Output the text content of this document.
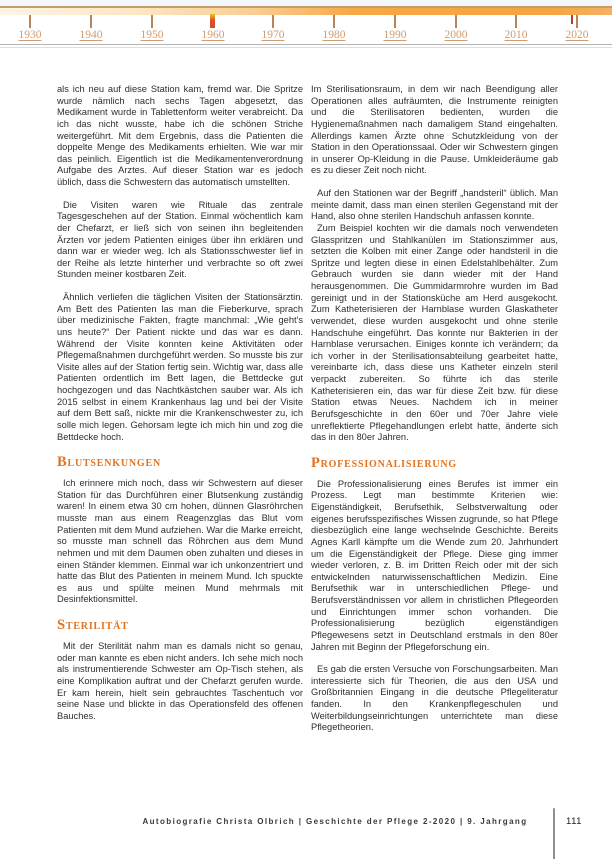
1930	1940	1950	1960	1970	1980	1990	2000	2010	2020

als ich neu auf diese Station kam, fremd war. Die Spritze wurde nämlich nach sechs Tagen abgesetzt, das Medikament wurde in Tablettenform weiter verabreicht. Da ich das nicht wusste, habe ich die schönen Striche weitergeführt. Mit dem Ergebnis, dass die Patienten die doppelte Menge des Medikaments erhielten. Wie war mir das peinlich. Eigentlich ist die Medikamentenverordnung Aufgabe des Arztes. Auf dieser Station war es jedoch üblich, dass die Schwestern das automatisch umstellten.

Die Visiten waren wie Rituale das zentrale Tagesgeschehen auf der Station. Einmal wöchentlich kam der Chefarzt, er ließ sich von seinen ihn begleitenden Ärzten vor jedem Patienten einiges über ihn erklären und dann war er wieder weg. Ich als Stationsschwester lief in der Reihe als letzte hinterher und verbrachte so oft zwei Stunden meiner kostbaren Zeit.

Ähnlich verliefen die täglichen Visiten der Stationsärztin. Am Bett des Patienten las man die Fieberkurve, sprach über medizinische Fakten, fragte manchmal: „Wie geht's uns heute?“ Der Patient nickte und das war es dann. Während der Visite konnten keine Aktivitäten oder Pflegemaßnahmen durchgeführt werden. So musste bis zur Visite alles auf der Station fertig sein. Wichtig war, dass alle Patienten ordentlich im Bett lagen, die Bettdecke gut hochgezogen und das Nachtkästchen sauber war. Als ich 2015 selbst in einem Krankenhaus lag und bei der Visite auf dem Bett saß, nickte mir die Krankenschwester zu, ich solle mich legen. Gehorsam legte ich mich hin und zog die Bettdecke hoch.

Blutsenkungen

Ich erinnere mich noch, dass wir Schwestern auf dieser Station für das Durchführen einer Blutsenkung zuständig waren! In einem etwa 30 cm hohen, dünnen Glasröhrchen musste man aus einem Reagenzglas das Blut vom Patienten mit dem Mund aufziehen. War die Marke erreicht, so musste man schnell das Röhrchen aus dem Mund nehmen und mit dem Daumen oben zuhalten und dieses in einen Ständer klemmen. Einmal war ich unkonzentriert und hatte das Blut des Patienten in meinem Mund. Ich spuckte es aus und spülte meinen Mund mehrmals mit Desinfektionsmittel.

Sterilität

Mit der Sterilität nahm man es damals nicht so genau, oder man kannte es eben nicht anders. Ich sehe mich noch als instrumentierende Schwester am Op-Tisch stehen, als eine Komplikation auftrat und der Chefarzt gerufen wurde. Er kam herein, hielt sein gebrauchtes Taschentuch vor seine Nase und blickte in das Operationsfeld des offenen Bauches.

Im Sterilisationsraum, in dem wir nach Beendigung aller Operationen alles aufräumten, die Instrumente reinigten und die Sterilisatoren bedienten, wurden die Hygienemaßnahmen nach damaligem Stand eingehalten. Allerdings kamen Ärzte ohne Schutzkleidung von der Station in den Operationssaal. Oder wir Schwestern gingen in unserer Op-Kleidung in die Pause. Umkleideräume gab es zu dieser Zeit noch nicht.

Auf den Stationen war der Begriff „handsteril“ üblich. Man meinte damit, dass man einen sterilen Gegenstand mit der Hand, also ohne sterilen Handschuh anfassen konnte.

Zum Beispiel kochten wir die damals noch verwendeten Glasspritzen und Stahlkanülen im Stationszimmer aus, setzten die Kolben mit einer Zange oder handsteril in die Spritze und legten diese in einen Edelstahlbehälter. Zum Gebrauch wurden sie dann wieder mit der Hand herausgenommen. Die Gummidarmrohre wurden im Bad gereinigt und in der Stationsküche am Herd ausgekocht. Zum Katheterisieren der Harnblase wurden Glaskatheter verwendet, diese wurden ausgekocht und ohne sterile Handschuhe eingeführt. Das konnte nur Bakterien in der Harnblase verursachen. Einiges konnte ich verändern; da ich vorher in der Sterilisationsabteilung gearbeitet hatte, vereinbarte ich, dass diese uns Katheter einzeln steril verpackt zubereiten. So führte ich das sterile Katheterisieren ein, das war für diese Zeit bzw. für diese Station etwas Neues. Nachdem ich in meiner Berufsgeschichte in den 60er und 70er Jahre viele unreflektierte Pflegehandlungen erlebt hatte, änderte sich das in den 80er Jahren.

Professionalisierung

Die Professionalisierung eines Berufes ist immer ein Prozess. Legt man bestimmte Kriterien wie: Eigenständigkeit, Berufsethik, Selbstverwaltung oder eigenes berufsspezifisches Wissen zugrunde, so hat Pflege diesbezüglich eine lange wechselnde Geschichte. Bereits Agnes Karll kämpfte um die Wende zum 20. Jahrhundert um die Eigenständigkeit der Pflege. Diese ging immer wieder verloren, z. B. im Dritten Reich oder mit der sich entwickelnden naturwissenschaftlichen Medizin. Eine Berufsethik war in unterschiedlichen Pflege- und Berufsverständnissen vor allem in christlichen Pflegeorden und Einrichtungen immer schon vorhanden. Die Professionalisierung bezüglich eigenständigen Pflegewesens setzt in Deutschland erstmals in den 80er Jahren mit Beginn der Pflegeforschung ein.

Es gab die ersten Versuche von Forschungsarbeiten. Man interessierte sich für Theorien, die aus den USA und Großbritannien Eingang in die deutsche Pflegeliteratur fanden. In den Krankenpflegeschulen und Weiterbildungseinrichtungen unterrichtete man diese Pflegetheorien.

Autobiografie Christa Olbrich | Geschichte der Pflege 2-2020 | 9. Jahrgang	111
